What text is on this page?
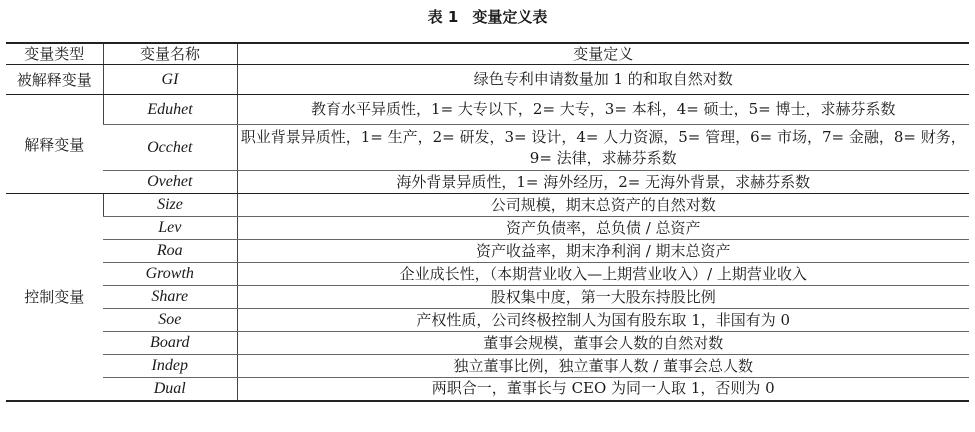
表 1 变量定义表
变量类型	变量名称	变量定义
被解释变量	GI	绿色专利申请数量加 1 的和取自然对数
解释变量	Eduhet	教育水平异质性，1= 大专以下，2= 大专，3= 本科，4= 硕士，5= 博士，求赫芬系数
	Occhet	职业背景异质性，1= 生产，2= 研发，3= 设计，4= 人力资源，5= 管理，6= 市场，7= 金融，8= 财务，9= 法律，求赫芬系数
	Ovehet	海外背景异质性，1= 海外经历，2= 无海外背景，求赫芬系数
控制变量	Size	公司规模，期末总资产的自然对数
	Lev	资产负债率，总负债 / 总资产
	Roa	资产收益率，期末净利润 / 期末总资产
	Growth	企业成长性，（本期营业收入—上期营业收入）/ 上期营业收入
	Share	股权集中度，第一大股东持股比例
	Soe	产权性质，公司终极控制人为国有股东取 1，非国有为 0
	Board	董事会规模，董事会人数的自然对数
	Indep	独立董事比例，独立董事人数 / 董事会总人数
	Dual	两职合一，董事长与 CEO 为同一人取 1，否则为 0
